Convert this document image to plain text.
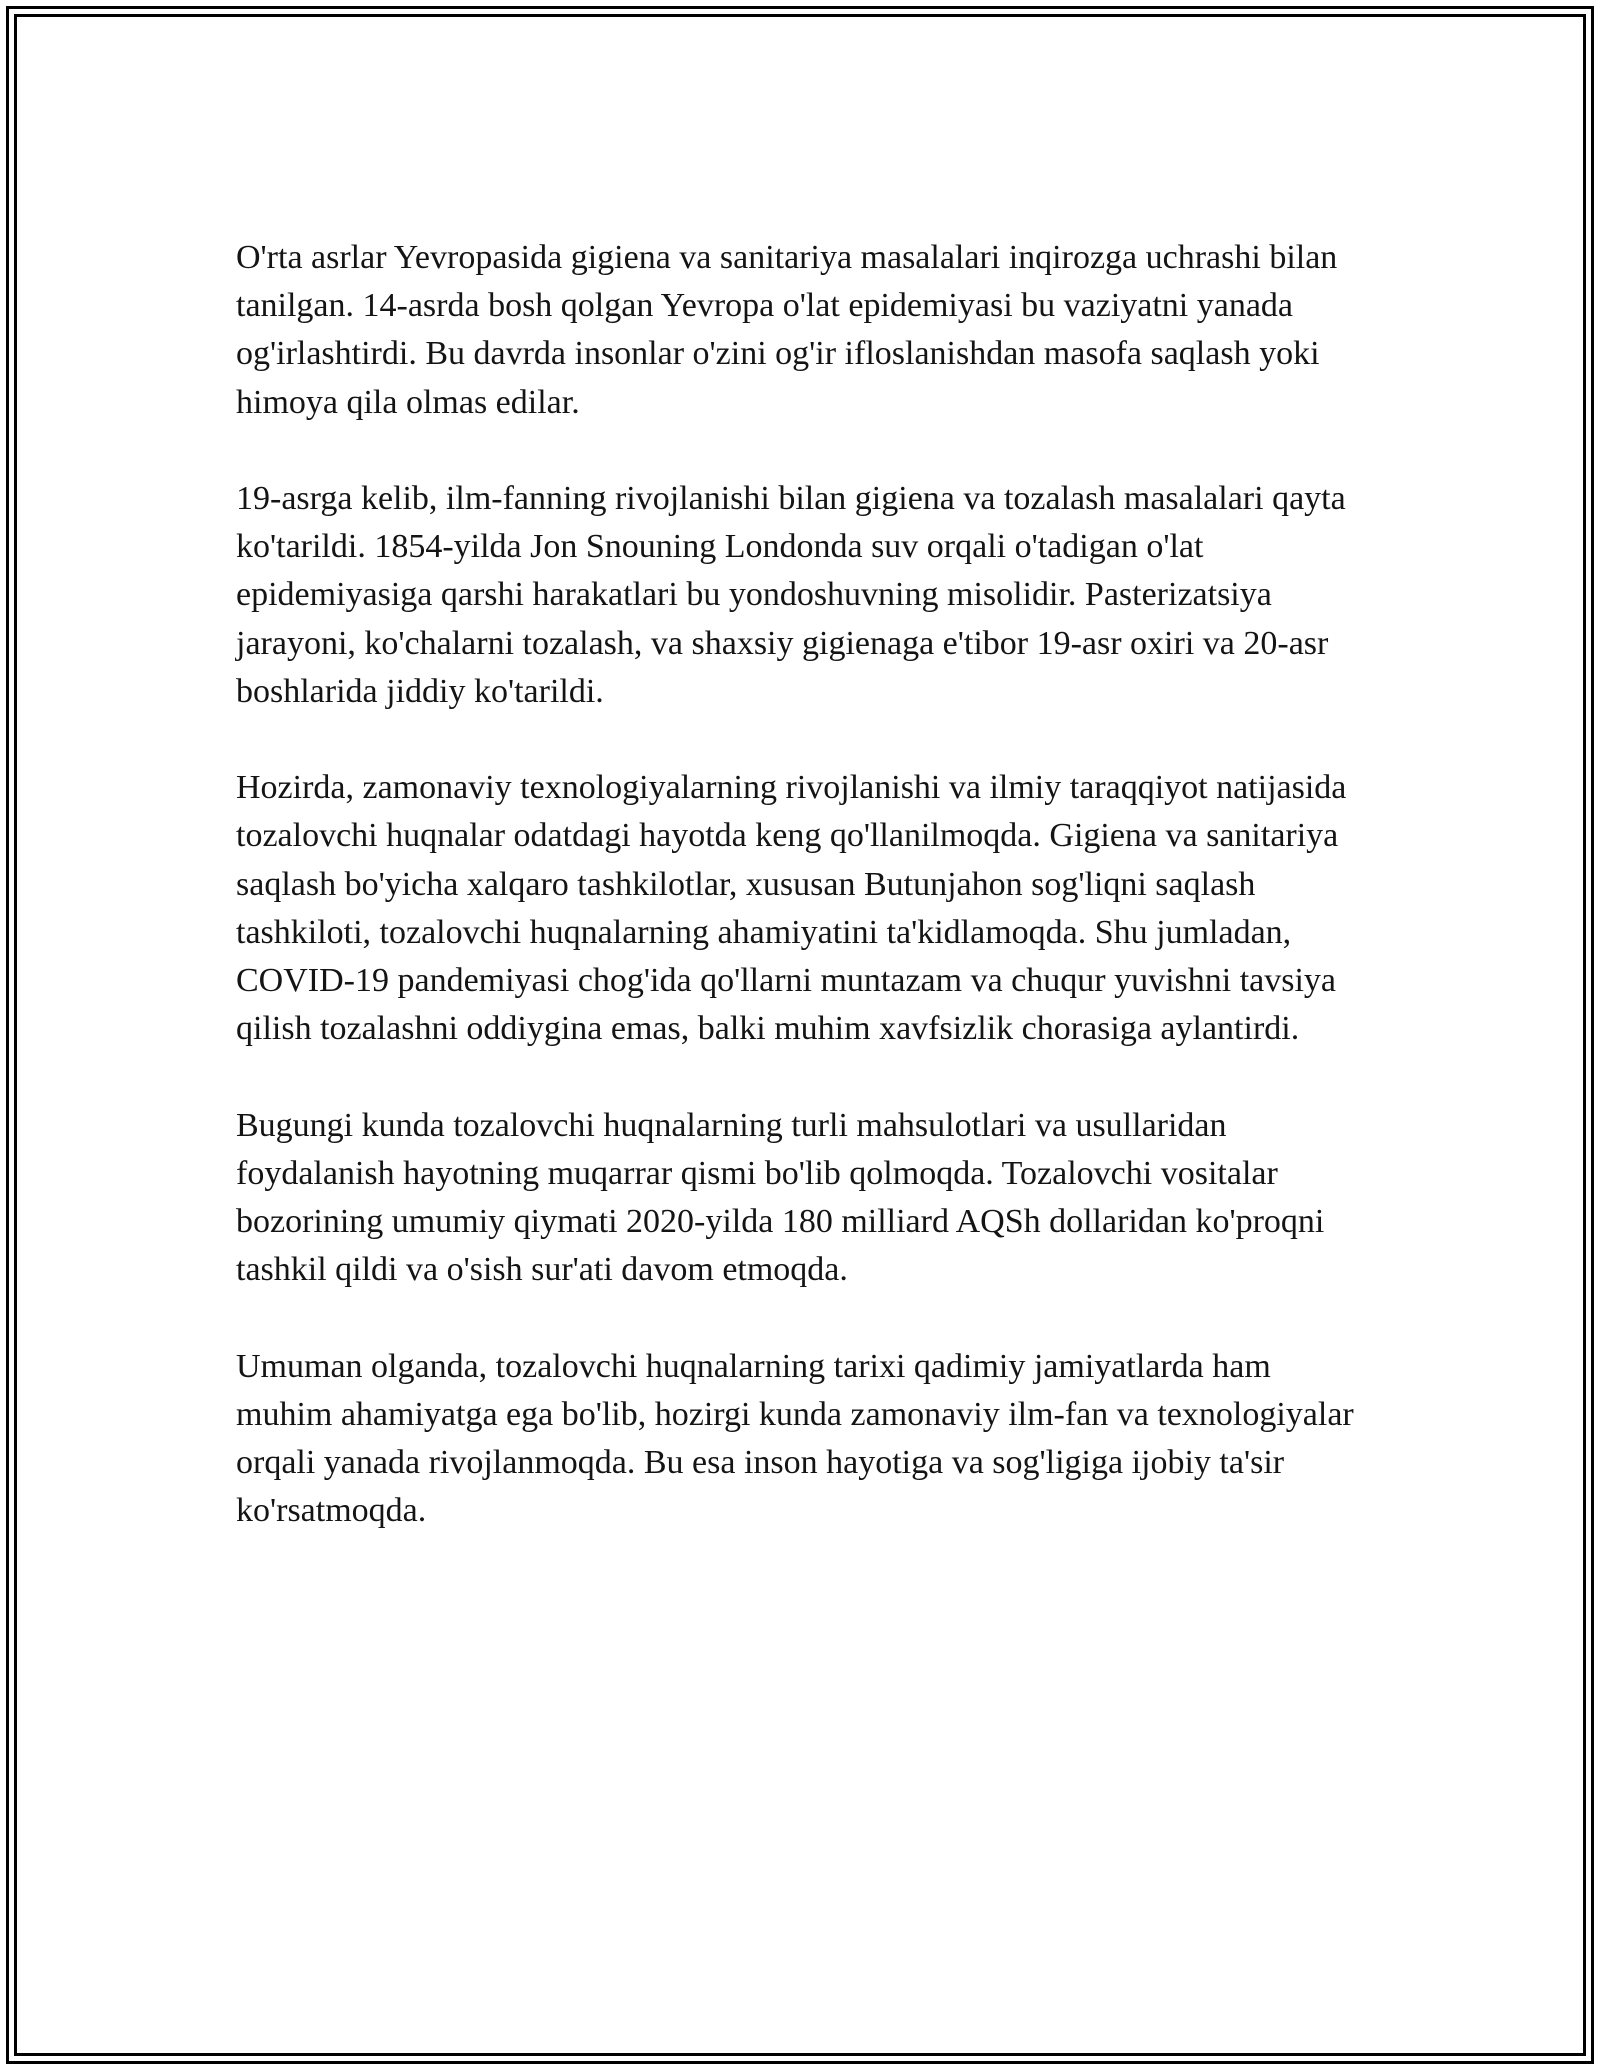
O'rta asrlar Yevropasida gigiena va sanitariya masalalari inqirozga uchrashi bilan tanilgan. 14-asrda bosh qolgan Yevropa o'lat epidemiyasi bu vaziyatni yanada og'irlashtirdi. Bu davrda insonlar o'zini og'ir ifloslanishdan masofa saqlash yoki himoya qila olmas edilar.

19-asrga kelib, ilm-fanning rivojlanishi bilan gigiena va tozalash masalalari qayta ko'tarildi. 1854-yilda Jon Snouning Londonda suv orqali o'tadigan o'lat epidemiyasiga qarshi harakatlari bu yondoshuvning misolidir. Pasterizatsiya jarayoni, ko'chalarni tozalash, va shaxsiy gigienaga e'tibor 19-asr oxiri va 20-asr boshlarida jiddiy ko'tarildi.

Hozirda, zamonaviy texnologiyalarning rivojlanishi va ilmiy taraqqiyot natijasida tozalovchi huqnalar odatdagi hayotda keng qo'llanilmoqda. Gigiena va sanitariya saqlash bo'yicha xalqaro tashkilotlar, xususan Butunjahon sog'liqni saqlash tashkiloti, tozalovchi huqnalarning ahamiyatini ta'kidlamoqda. Shu jumladan, COVID-19 pandemiyasi chog'ida qo'llarni muntazam va chuqur yuvishni tavsiya qilish tozalashni oddiygina emas, balki muhim xavfsizlik chorasiga aylantirdi.

Bugungi kunda tozalovchi huqnalarning turli mahsulotlari va usullaridan foydalanish hayotning muqarrar qismi bo'lib qolmoqda. Tozalovchi vositalar bozorining umumiy qiymati 2020-yilda 180 milliard AQSh dollaridan ko'proqni tashkil qildi va o'sish sur'ati davom etmoqda.

Umuman olganda, tozalovchi huqnalarning tarixi qadimiy jamiyatlarda ham muhim ahamiyatga ega bo'lib, hozirgi kunda zamonaviy ilm-fan va texnologiyalar orqali yanada rivojlanmoqda. Bu esa inson hayotiga va sog'ligiga ijobiy ta'sir ko'rsatmoqda.
